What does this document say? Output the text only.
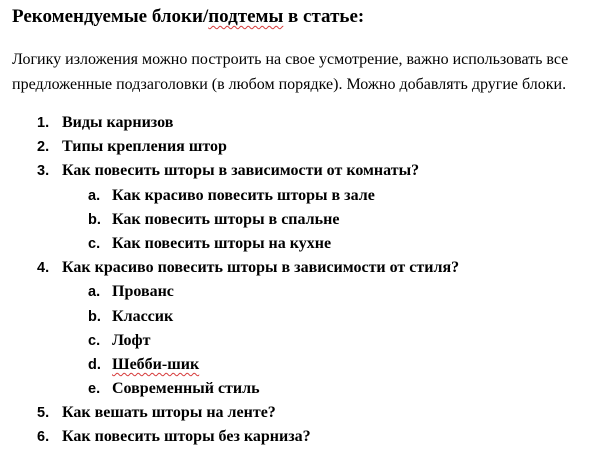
Рекомендуемые блоки/подтемы в статье:

Логику изложения можно построить на свое усмотрение, важно использовать все предложенные подзаголовки (в любом порядке). Можно добавлять другие блоки.

1. Виды карнизов
2. Типы крепления штор
3. Как повесить шторы в зависимости от комнаты?
a. Как красиво повесить шторы в зале
b. Как повесить шторы в спальне
c. Как повесить шторы на кухне
4. Как красиво повесить шторы в зависимости от стиля?
a. Прованс
b. Классик
c. Лофт
d. Шебби-шик
e. Современный стиль
5. Как вешать шторы на ленте?
6. Как повесить шторы без карниза?
